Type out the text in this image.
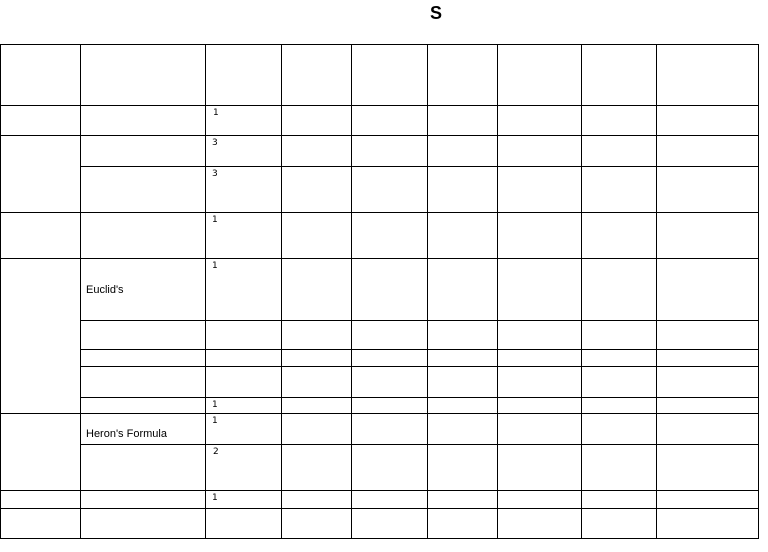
S
Euclid's
Heron's Formula
1
3
3
1
1
1
1
2
1
